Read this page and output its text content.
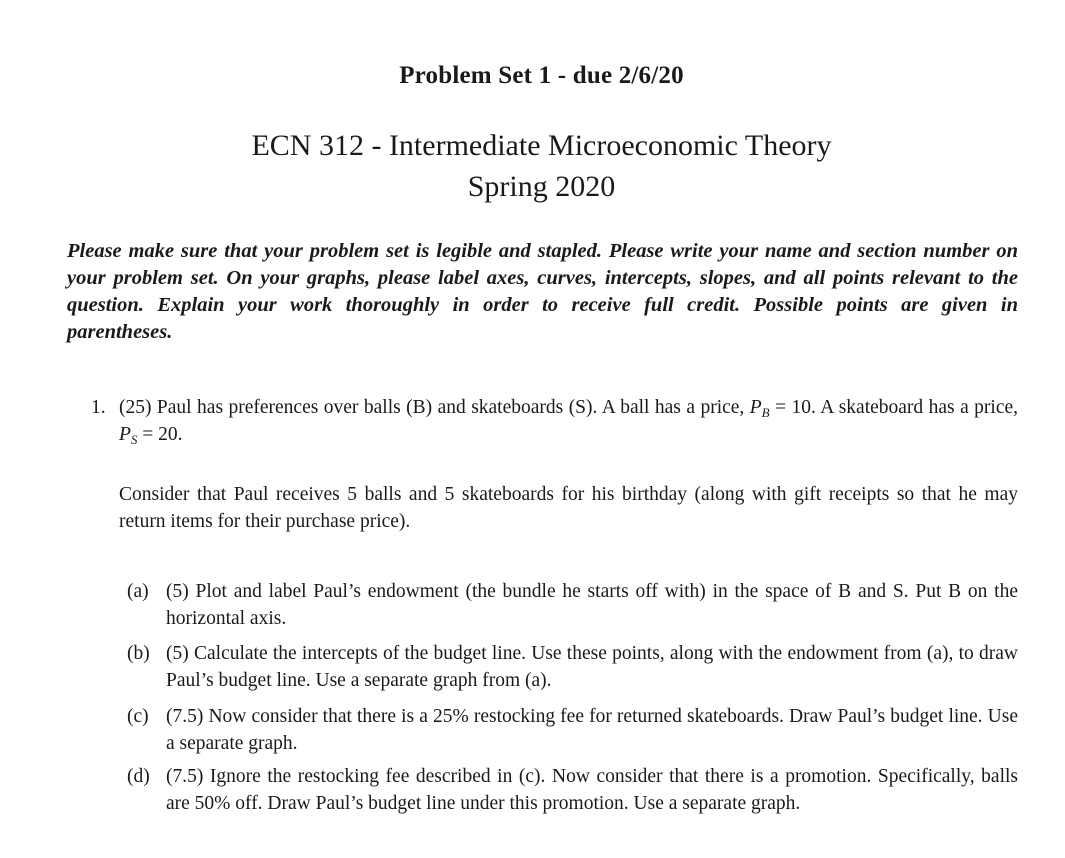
Problem Set 1 - due 2/6/20
ECN 312 - Intermediate Microeconomic Theory
Spring 2020
Please make sure that your problem set is legible and stapled. Please write your name and section number on your problem set. On your graphs, please label axes, curves, intercepts, slopes, and all points relevant to the question. Explain your work thoroughly in order to receive full credit. Possible points are given in parentheses.
1. (25) Paul has preferences over balls (B) and skateboards (S). A ball has a price, $P_B = 10$. A skateboard has a price, $P_S = 20$.
Consider that Paul receives 5 balls and 5 skateboards for his birthday (along with gift receipts so that he may return items for their purchase price).
(a) (5) Plot and label Paul’s endowment (the bundle he starts off with) in the space of B and S. Put B on the horizontal axis.
(b) (5) Calculate the intercepts of the budget line. Use these points, along with the endowment from (a), to draw Paul’s budget line. Use a separate graph from (a).
(c) (7.5) Now consider that there is a 25% restocking fee for returned skateboards. Draw Paul’s budget line. Use a separate graph.
(d) (7.5) Ignore the restocking fee described in (c). Now consider that there is a promotion. Specifically, balls are 50% off. Draw Paul’s budget line under this promotion. Use a separate graph.
